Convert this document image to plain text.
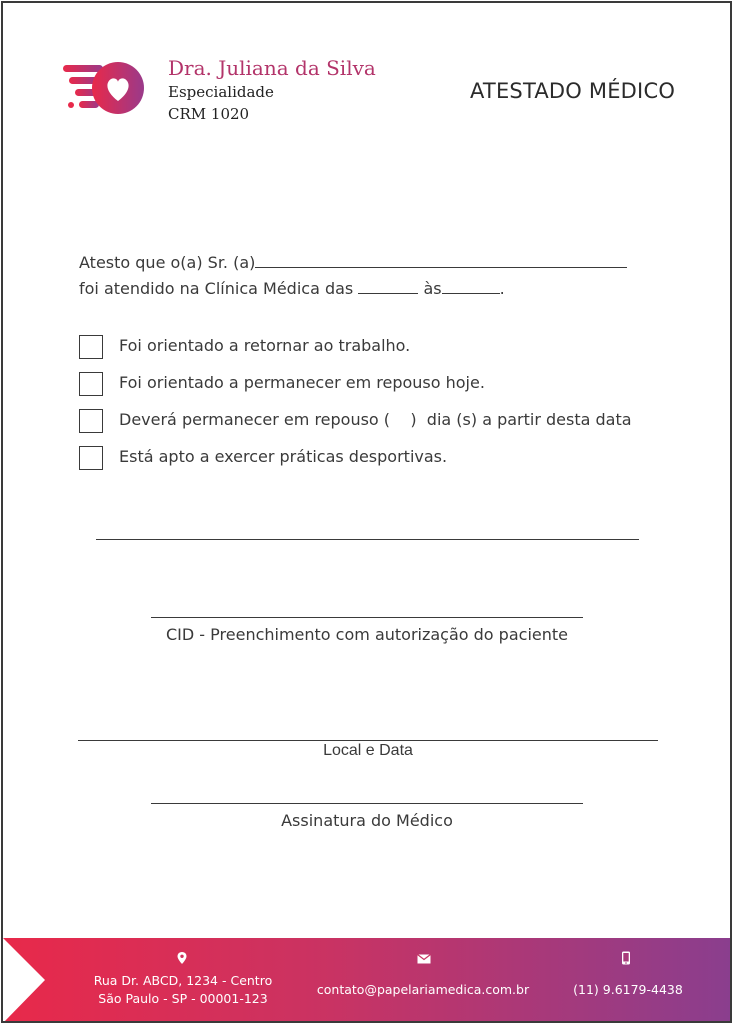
Dra. Juliana da Silva
Especialidade
CRM 1020
ATESTADO MÉDICO
Atesto que o(a) Sr. (a)
foi atendido na Clínica Médica das	às	.
Foi orientado a retornar ao trabalho.
Foi orientado a permanecer em repouso hoje.
Deverá permanecer em repouso (    )  dia (s) a partir desta data
Está apto a exercer práticas desportivas.
CID - Preenchimento com autorização do paciente
Local e Data
Assinatura do Médico
Rua Dr. ABCD, 1234 - Centro
São Paulo - SP - 00001-123
contato@papelariamedica.com.br	(11) 9.6179-4438
